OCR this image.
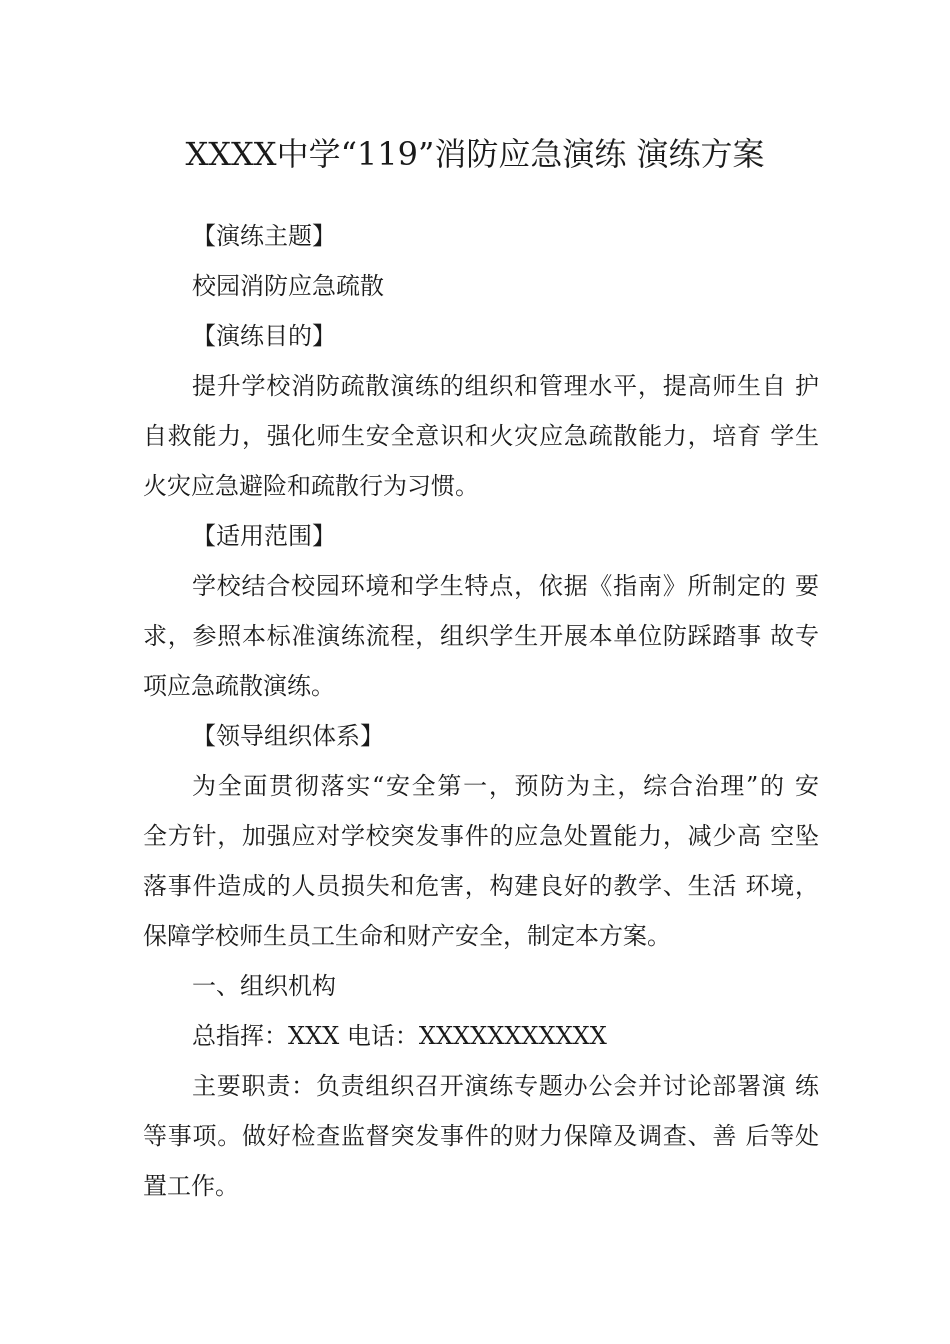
XXXX中学“119”消防应急演练 演练方案
【演练主题】
校园消防应急疏散
【演练目的】
提升学校消防疏散演练的组织和管理水平，提高师生自 护
自救能力，强化师生安全意识和火灾应急疏散能力，培育 学生
火灾应急避险和疏散行为习惯。
【适用范围】
学校结合校园环境和学生特点，依据《指南》所制定的 要
求，参照本标准演练流程，组织学生开展本单位防踩踏事 故专
项应急疏散演练。
【领导组织体系】
为全面贯彻落实“安全第一，预防为主，综合治理”的 安
全方针，加强应对学校突发事件的应急处置能力，减少高 空坠
落事件造成的人员损失和危害，构建良好的教学、生活 环境，
保障学校师生员工生命和财产安全，制定本方案。
一、组织机构
总指挥：XXX 电话：XXXXXXXXXXX
主要职责：负责组织召开演练专题办公会并讨论部署演 练
等事项。做好检查监督突发事件的财力保障及调查、善 后等处
置工作。
